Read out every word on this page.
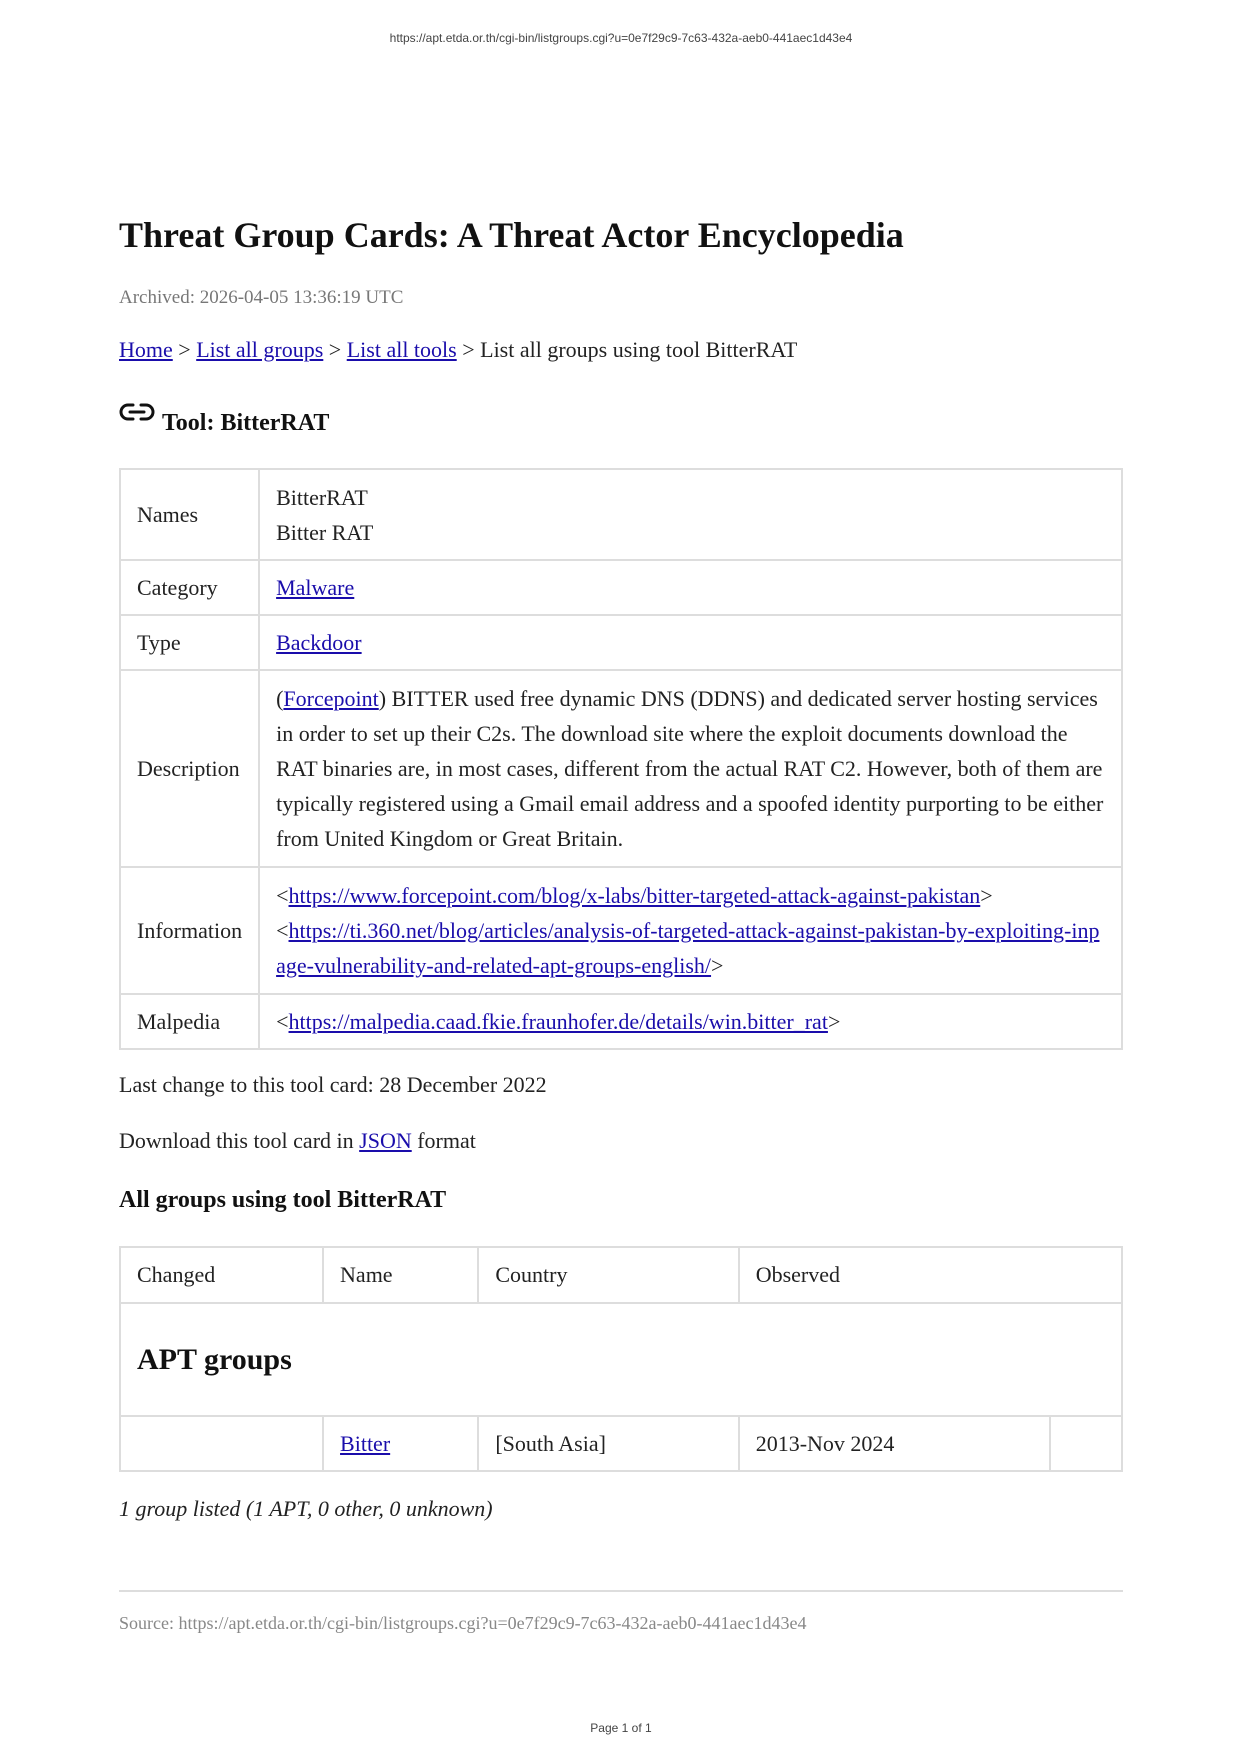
https://apt.etda.or.th/cgi-bin/listgroups.cgi?u=0e7f29c9-7c63-432a-aeb0-441aec1d43e4
Threat Group Cards: A Threat Actor Encyclopedia
Archived: 2026-04-05 13:36:19 UTC
Home > List all groups > List all tools > List all groups using tool BitterRAT
Tool: BitterRAT
Names	BitterRAT
Bitter RAT

Category	Malware
Type	Backdoor
Description	(Forcepoint) BITTER used free dynamic DNS (DDNS) and dedicated server hosting services in order to set up their C2s. The download site where the exploit documents download the RAT binaries are, in most cases, different from the actual RAT C2. However, both of them are typically registered using a Gmail email address and a spoofed identity purporting to be either from United Kingdom or Great Britain.
Information	<https://www.forcepoint.com/blog/x-labs/bitter-targeted-attack-against-pakistan>
<https://ti.360.net/blog/articles/analysis-of-targeted-attack-against-pakistan-by-exploiting-inpage-vulnerability-and-related-apt-groups-english/>

Malpedia	<https://malpedia.caad.fkie.fraunhofer.de/details/win.bitter_rat>
Last change to this tool card: 28 December 2022
Download this tool card in JSON format
All groups using tool BitterRAT
Changed	Name	Country	Observed	
APT groups				
	Bitter	[South Asia]	2013-Nov 2024	
1 group listed (1 APT, 0 other, 0 unknown)
Source: https://apt.etda.or.th/cgi-bin/listgroups.cgi?u=0e7f29c9-7c63-432a-aeb0-441aec1d43e4
Page 1 of 1
